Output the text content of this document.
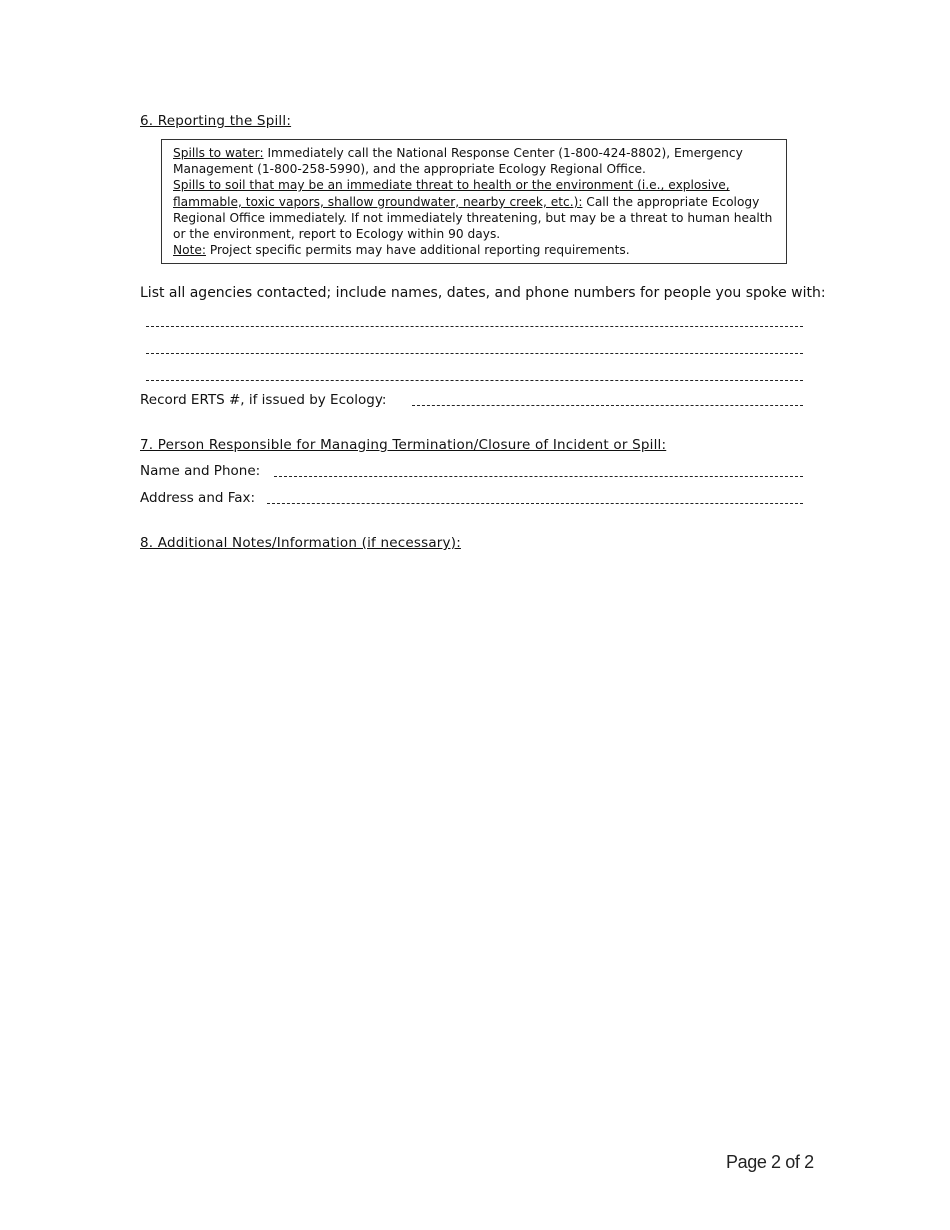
6. Reporting the Spill:

Spills to water: Immediately call the National Response Center (1-800-424-8802), Emergency Management (1-800-258-5990), and the appropriate Ecology Regional Office.

Spills to soil that may be an immediate threat to health or the environment (i.e., explosive, flammable, toxic vapors, shallow groundwater, nearby creek, etc.): Call the appropriate Ecology Regional Office immediately. If not immediately threatening, but may be a threat to human health or the environment, report to Ecology within 90 days.

Note: Project specific permits may have additional reporting requirements.

List all agencies contacted; include names, dates, and phone numbers for people you spoke with:
Record ERTS #, if issued by Ecology:
7. Person Responsible for Managing Termination/Closure of Incident or Spill:
Name and Phone:
Address and Fax:
8. Additional Notes/Information (if necessary):
Page 2 of 2
